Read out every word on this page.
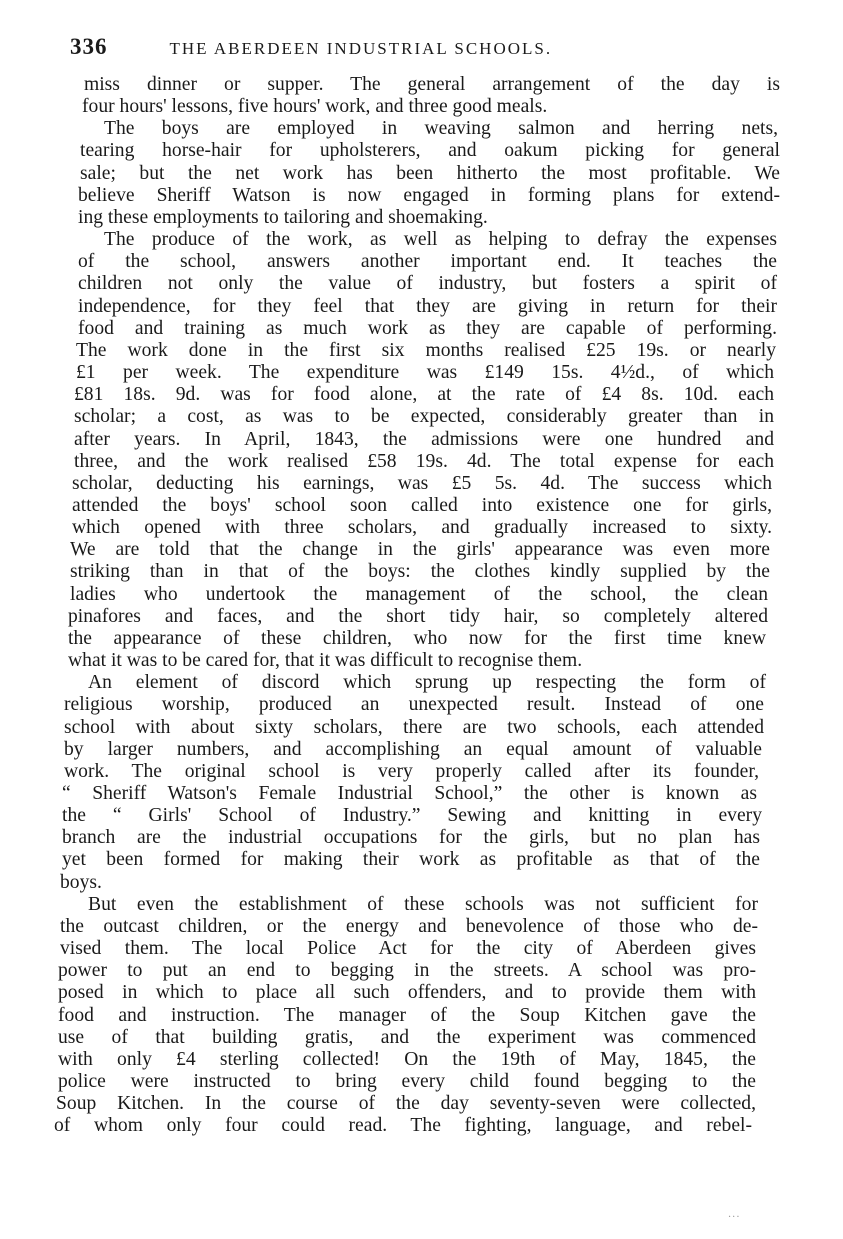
336	THE ABERDEEN INDUSTRIAL SCHOOLS.
miss dinner or supper. The general arrangement of the day is
four hours' lessons, five hours' work, and three good meals.
The boys are employed in weaving salmon and herring nets,
tearing horse-hair for upholsterers, and oakum picking for general
sale; but the net work has been hitherto the most profitable. We
believe Sheriff Watson is now engaged in forming plans for extend-
ing these employments to tailoring and shoemaking.
The produce of the work, as well as helping to defray the expenses
of the school, answers another important end. It teaches the
children not only the value of industry, but fosters a spirit of
independence, for they feel that they are giving in return for their
food and training as much work as they are capable of performing.
The work done in the first six months realised £25 19s. or nearly
£1 per week. The expenditure was £149 15s. 4½d., of which
£81 18s. 9d. was for food alone, at the rate of £4 8s. 10d. each
scholar; a cost, as was to be expected, considerably greater than in
after years. In April, 1843, the admissions were one hundred and
three, and the work realised £58 19s. 4d. The total expense for each
scholar, deducting his earnings, was £5 5s. 4d. The success which
attended the boys' school soon called into existence one for girls,
which opened with three scholars, and gradually increased to sixty.
We are told that the change in the girls' appearance was even more
striking than in that of the boys: the clothes kindly supplied by the
ladies who undertook the management of the school, the clean
pinafores and faces, and the short tidy hair, so completely altered
the appearance of these children, who now for the first time knew
what it was to be cared for, that it was difficult to recognise them.
An element of discord which sprung up respecting the form of
religious worship, produced an unexpected result. Instead of one
school with about sixty scholars, there are two schools, each attended
by larger numbers, and accomplishing an equal amount of valuable
work. The original school is very properly called after its founder,
“ Sheriff Watson's Female Industrial School,” the other is known as
the “ Girls' School of Industry.” Sewing and knitting in every
branch are the industrial occupations for the girls, but no plan has
yet been formed for making their work as profitable as that of the
boys.
But even the establishment of these schools was not sufficient for
the outcast children, or the energy and benevolence of those who de-
vised them. The local Police Act for the city of Aberdeen gives
power to put an end to begging in the streets. A school was pro-
posed in which to place all such offenders, and to provide them with
food and instruction. The manager of the Soup Kitchen gave the
use of that building gratis, and the experiment was commenced
with only £4 sterling collected! On the 19th of May, 1845, the
police were instructed to bring every child found begging to the
Soup Kitchen. In the course of the day seventy-seven were collected,
of whom only four could read. The fighting, language, and rebel-
· · ·
